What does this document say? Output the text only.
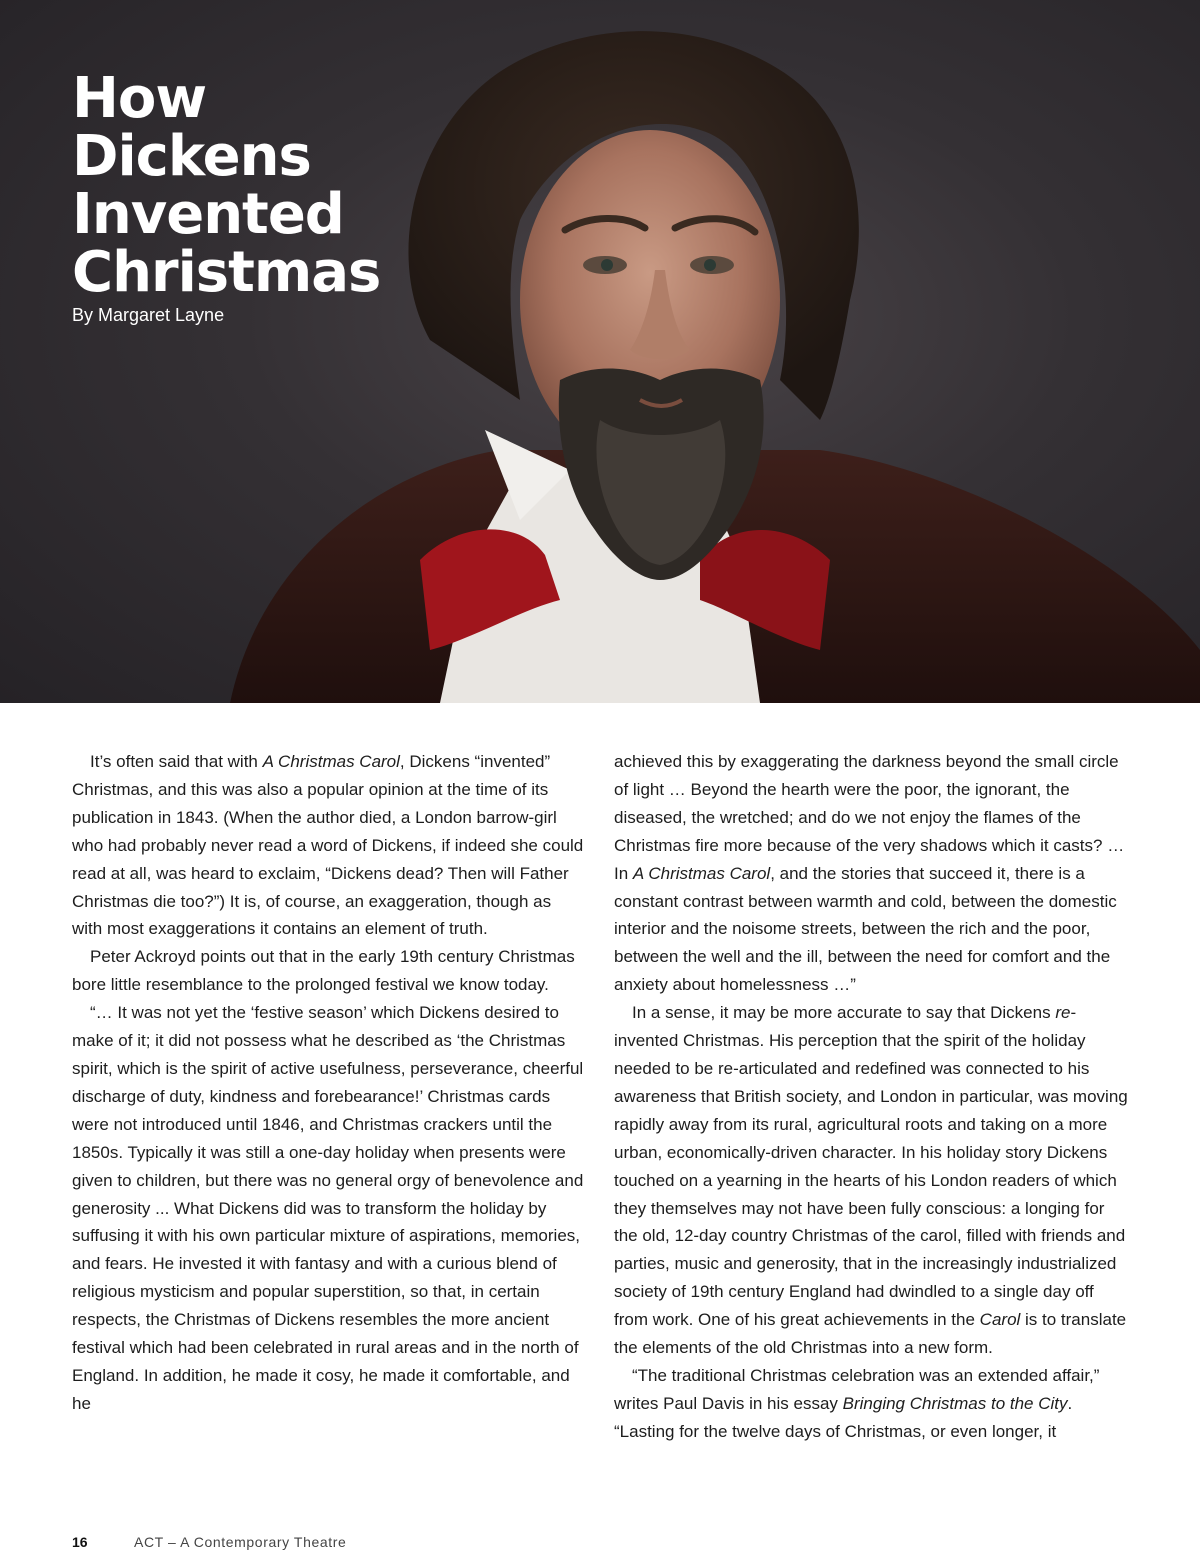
How Dickens Invented Christmas

By Margaret Layne

It’s often said that with A Christmas Carol, Dickens “invented” Christmas, and this was also a popular opinion at the time of its publication in 1843. (When the author died, a London barrow-girl who had probably never read a word of Dickens, if indeed she could read at all, was heard to exclaim, “Dickens dead? Then will Father Christmas die too?”) It is, of course, an exaggeration, though as with most exaggerations it contains an element of truth.

Peter Ackroyd points out that in the early 19th century Christmas bore little resemblance to the prolonged festival we know today.

“… It was not yet the ‘festive season’ which Dickens desired to make of it; it did not possess what he described as ‘the Christmas spirit, which is the spirit of active usefulness, perseverance, cheerful discharge of duty, kindness and forebearance!’ Christmas cards were not introduced until 1846, and Christmas crackers until the 1850s. Typically it was still a one-day holiday when presents were given to children, but there was no general orgy of benevolence and generosity ... What Dickens did was to transform the holiday by suffusing it with his own particular mixture of aspirations, memories, and fears. He invested it with fantasy and with a curious blend of religious mysticism and popular superstition, so that, in certain respects, the Christmas of Dickens resembles the more ancient festival which had been celebrated in rural areas and in the north of England. In addition, he made it cosy, he made it comfortable, and he

achieved this by exaggerating the darkness beyond the small circle of light … Beyond the hearth were the poor, the ignorant, the diseased, the wretched; and do we not enjoy the flames of the Christmas fire more because of the very shadows which it casts? … In A Christmas Carol, and the stories that succeed it, there is a constant contrast between warmth and cold, between the domestic interior and the noisome streets, between the rich and the poor, between the well and the ill, between the need for comfort and the anxiety about homelessness …”

In a sense, it may be more accurate to say that Dickens re-invented Christmas. His perception that the spirit of the holiday needed to be re-articulated and redefined was connected to his awareness that British society, and London in particular, was moving rapidly away from its rural, agricultural roots and taking on a more urban, economically-driven character. In his holiday story Dickens touched on a yearning in the hearts of his London readers of which they themselves may not have been fully conscious: a longing for the old, 12-day country Christmas of the carol, filled with friends and parties, music and generosity, that in the increasingly industrialized society of 19th century England had dwindled to a single day off from work. One of his great achievements in the Carol is to translate the elements of the old Christmas into a new form.

“The traditional Christmas celebration was an extended affair,” writes Paul Davis in his essay Bringing Christmas to the City. “Lasting for the twelve days of Christmas, or even longer, it

16	ACT – A Contemporary Theatre
